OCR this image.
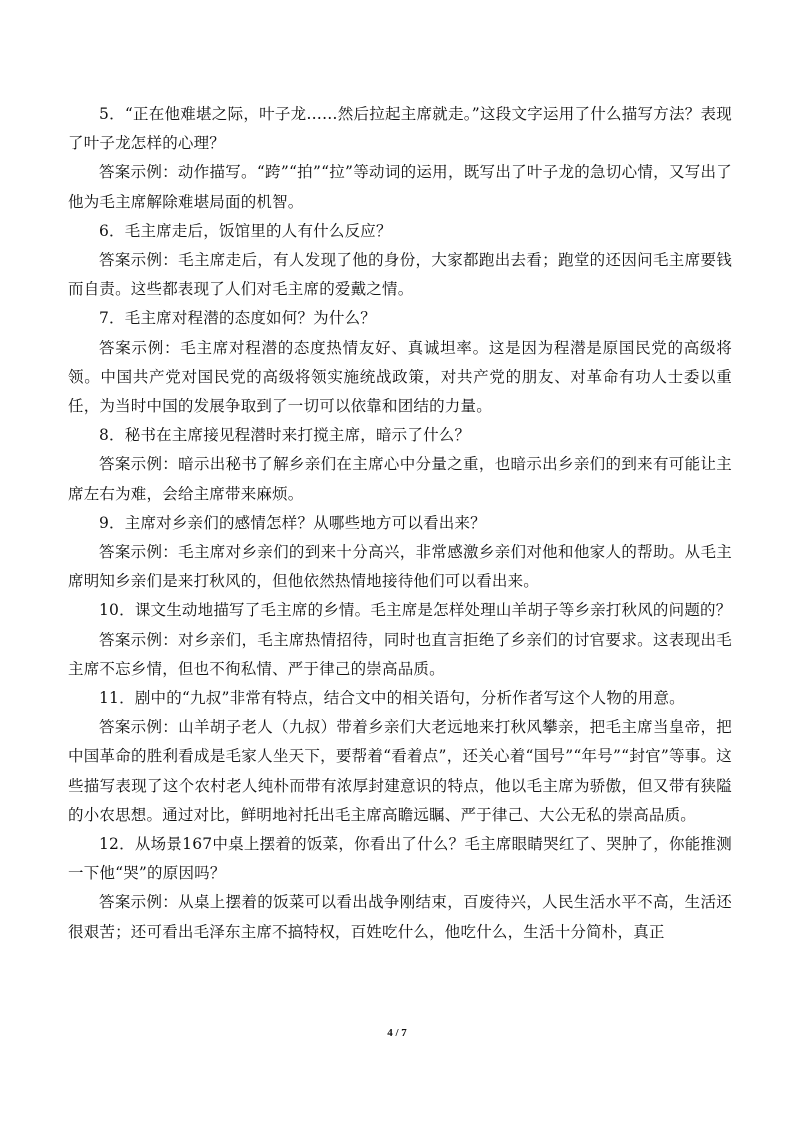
5．“正在他难堪之际，叶子龙……然后拉起主席就走。”这段文字运用了什么描写方法？表现了叶子龙怎样的心理？

答案示例：动作描写。“跨”“拍”“拉”等动词的运用，既写出了叶子龙的急切心情，又写出了他为毛主席解除难堪局面的机智。

6．毛主席走后，饭馆里的人有什么反应？

答案示例：毛主席走后，有人发现了他的身份，大家都跑出去看；跑堂的还因问毛主席要钱而自责。这些都表现了人们对毛主席的爱戴之情。

7．毛主席对程潜的态度如何？为什么？

答案示例：毛主席对程潜的态度热情友好、真诚坦率。这是因为程潜是原国民党的高级将领。中国共产党对国民党的高级将领实施统战政策，对共产党的朋友、对革命有功人士委以重任，为当时中国的发展争取到了一切可以依靠和团结的力量。

8．秘书在主席接见程潜时来打搅主席，暗示了什么？

答案示例：暗示出秘书了解乡亲们在主席心中分量之重，也暗示出乡亲们的到来有可能让主席左右为难，会给主席带来麻烦。

9．主席对乡亲们的感情怎样？从哪些地方可以看出来？

答案示例：毛主席对乡亲们的到来十分高兴，非常感激乡亲们对他和他家人的帮助。从毛主席明知乡亲们是来打秋风的，但他依然热情地接待他们可以看出来。

10．课文生动地描写了毛主席的乡情。毛主席是怎样处理山羊胡子等乡亲打秋风的问题的？

答案示例：对乡亲们，毛主席热情招待，同时也直言拒绝了乡亲们的讨官要求。这表现出毛主席不忘乡情，但也不徇私情、严于律己的崇高品质。

11．剧中的“九叔”非常有特点，结合文中的相关语句，分析作者写这个人物的用意。

答案示例：山羊胡子老人（九叔）带着乡亲们大老远地来打秋风攀亲，把毛主席当皇帝，把中国革命的胜利看成是毛家人坐天下，要帮着“看着点”，还关心着“国号”“年号”“封官”等事。这些描写表现了这个农村老人纯朴而带有浓厚封建意识的特点，他以毛主席为骄傲，但又带有狭隘的小农思想。通过对比，鲜明地衬托出毛主席高瞻远瞩、严于律己、大公无私的崇高品质。

12．从场景167中桌上摆着的饭菜，你看出了什么？毛主席眼睛哭红了、哭肿了，你能推测一下他“哭”的原因吗？

答案示例：从桌上摆着的饭菜可以看出战争刚结束，百废待兴，人民生活水平不高，生活还很艰苦；还可看出毛泽东主席不搞特权，百姓吃什么，他吃什么，生活十分简朴，真正

4 / 7
